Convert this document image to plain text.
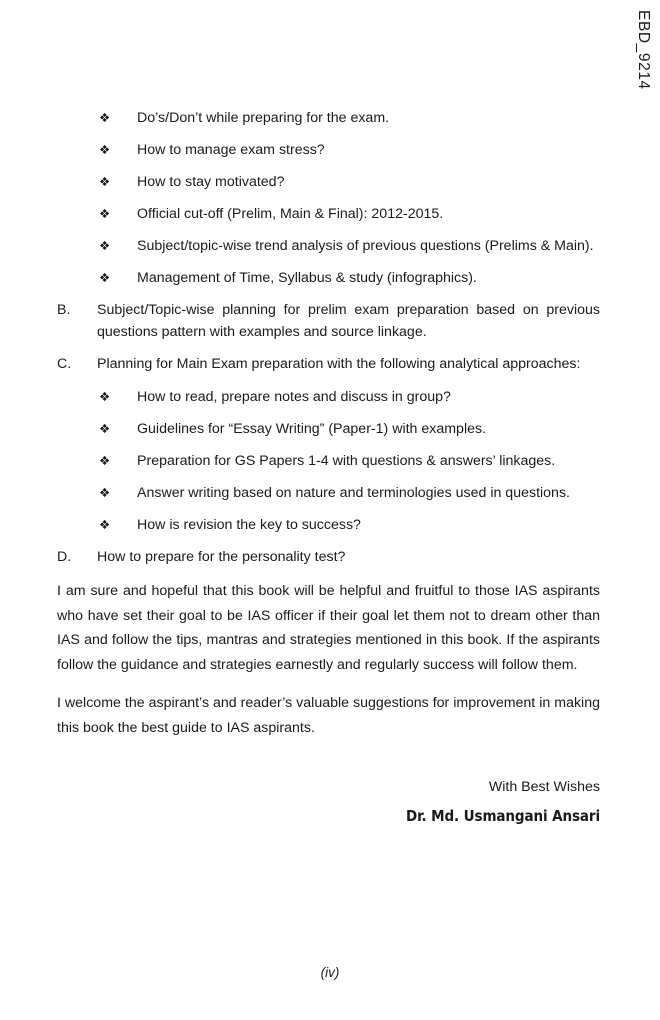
EBD_9214
❖ Do’s/Don’t while preparing for the exam.
❖ How to manage exam stress?
❖ How to stay motivated?
❖ Official cut-off (Prelim, Main & Final): 2012-2015.
❖ Subject/topic-wise trend analysis of previous questions (Prelims & Main).
❖ Management of Time, Syllabus & study (infographics).
B. Subject/Topic-wise planning for prelim exam preparation based on previous questions pattern with examples and source linkage.
C. Planning for Main Exam preparation with the following analytical approaches:
❖ How to read, prepare notes and discuss in group?
❖ Guidelines for “Essay Writing” (Paper-1) with examples.
❖ Preparation for GS Papers 1-4 with questions & answers’ linkages.
❖ Answer writing based on nature and terminologies used in questions.
❖ How is revision the key to success?
D. How to prepare for the personality test?

I am sure and hopeful that this book will be helpful and fruitful to those IAS aspirants who have set their goal to be IAS officer if their goal let them not to dream other than IAS and follow the tips, mantras and strategies mentioned in this book. If the aspirants follow the guidance and strategies earnestly and regularly success will follow them.

I welcome the aspirant’s and reader’s valuable suggestions for improvement in making this book the best guide to IAS aspirants.

With Best Wishes
Dr. Md. Usmangani Ansari
(iv)
